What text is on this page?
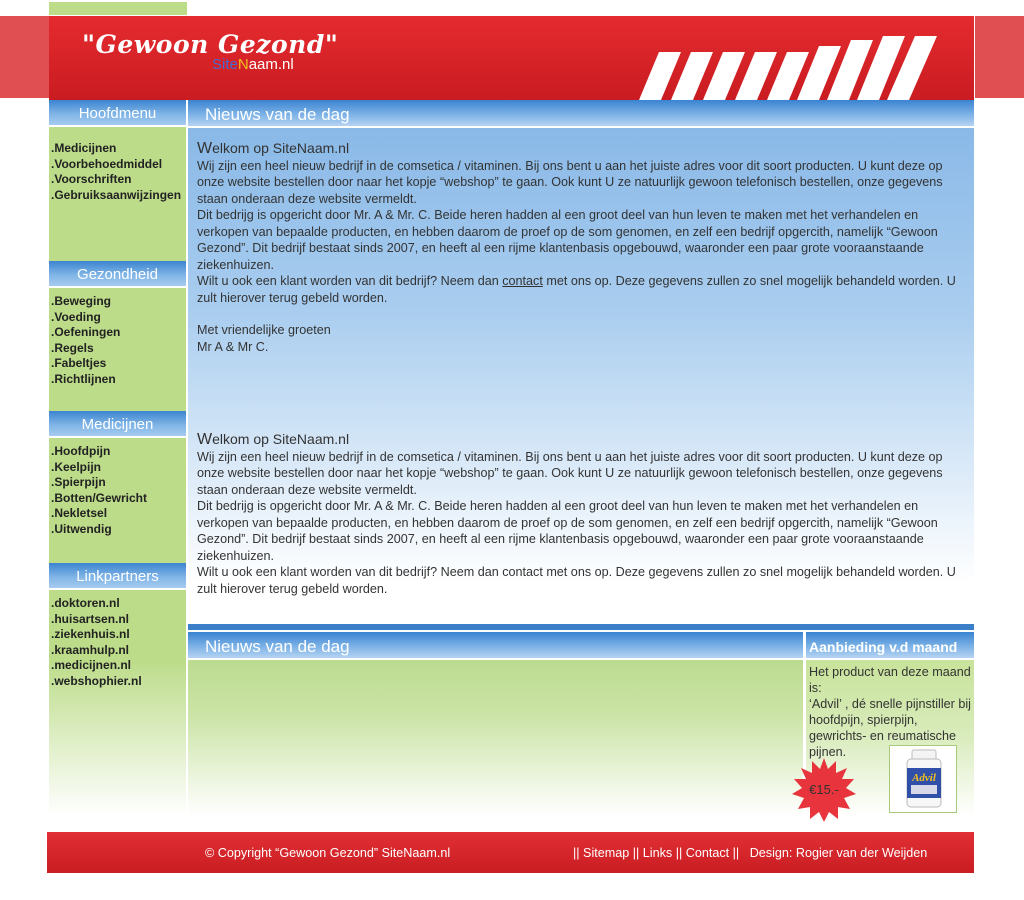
"Gewoon Gezond"
SiteNaam.nl
Hoofdmenu
.Medicijnen
.Voorbehoedmiddel
.Voorschriften
.Gebruiksaanwijzingen
Gezondheid
.Beweging
.Voeding
.Oefeningen
.Regels
.Fabeltjes
.Richtlijnen
Medicijnen
.Hoofdpijn
.Keelpijn
.Spierpijn
.Botten/Gewricht
.Nekletsel
.Uitwendig
Linkpartners
.doktoren.nl
.huisartsen.nl
.ziekenhuis.nl
.kraamhulp.nl
.medicijnen.nl
.webshophier.nl
Nieuws van de dag
Welkom op SiteNaam.nl

Wij zijn een heel nieuw bedrijf in de comsetica / vitaminen. Bij ons bent u aan het juiste adres voor dit soort producten. U kunt deze op onze website bestellen door naar het kopje “webshop” te gaan. Ook kunt U ze natuurlijk gewoon telefonisch bestellen, onze gegevens staan onderaan deze website vermeldt.

Dit bedrijg is opgericht door Mr. A & Mr. C. Beide heren hadden al een groot deel van hun leven te maken met het verhandelen en verkopen van bepaalde producten, en hebben daarom de proef op de som genomen, en zelf een bedrijf opgercith, namelijk “Gewoon Gezond”. Dit bedrijf bestaat sinds 2007, en heeft al een rijme klantenbasis opgebouwd, waaronder een paar grote vooraanstaande ziekenhuizen.

Wilt u ook een klant worden van dit bedrijf? Neem dan contact met ons op. Deze gegevens zullen zo snel mogelijk behandeld worden. U zult hierover terug gebeld worden.

Met vriendelijke groeten

Mr A & Mr C.

Welkom op SiteNaam.nl

Wij zijn een heel nieuw bedrijf in de comsetica / vitaminen. Bij ons bent u aan het juiste adres voor dit soort producten. U kunt deze op onze website bestellen door naar het kopje “webshop” te gaan. Ook kunt U ze natuurlijk gewoon telefonisch bestellen, onze gegevens staan onderaan deze website vermeldt.

Dit bedrijg is opgericht door Mr. A & Mr. C. Beide heren hadden al een groot deel van hun leven te maken met het verhandelen en verkopen van bepaalde producten, en hebben daarom de proef op de som genomen, en zelf een bedrijf opgercith, namelijk “Gewoon Gezond”. Dit bedrijf bestaat sinds 2007, en heeft al een rijme klantenbasis opgebouwd, waaronder een paar grote vooraanstaande ziekenhuizen.

Wilt u ook een klant worden van dit bedrijf? Neem dan contact met ons op. Deze gegevens zullen zo snel mogelijk behandeld worden. U zult hierover terug gebeld worden.

Nieuws van de dag	Aanbieding v.d maand
Het product van deze maand is:
‘Advil’ , dé snelle pijnstiller bij hoofdpijn, spierpijn, gewrichts- en reumatische pijnen.
Advil
€15.-
© Copyright “Gewoon Gezond” SiteNaam.nl	|| Sitemap || Links || Contact || Design: Rogier van der Weijden
